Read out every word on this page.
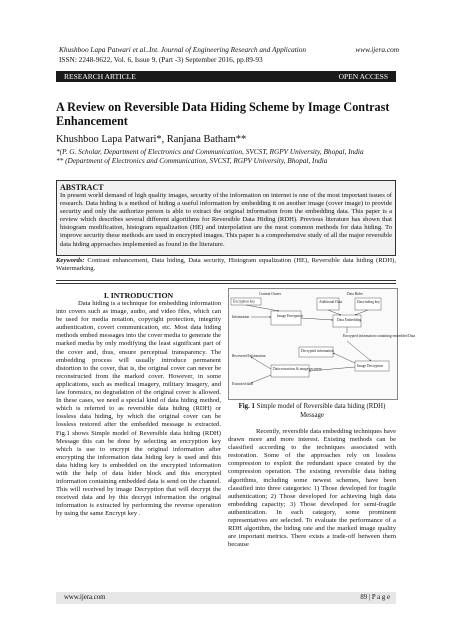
Khushboo Lapa Patwari et al..Int. Journal of Engineering Research and Application	www.ijera.com
ISSN: 2248-9622, Vol. 6, Issue 9, (Part -3) September 2016, pp.89-93
RESEARCH ARTICLE	OPEN ACCESS
A Review on Reversible Data Hiding Scheme by Image Contrast Enhancement
Khushboo Lapa Patwari*, Ranjana Batham**
*(P. G. Scholar, Department of Electronics and Communication, SVCST, RGPV University, Bhopal, India
** (Department of Electronics and Communication, SVCST, RGPV University, Bhopal, India
ABSTRACT
In present world demand of high quality images, security of the information on internet is one of the most important issues of research. Data hiding is a method of hiding a useful information by embedding it on another image (cover image) to provide security and only the authorize person is able to extract the original information from the embedding data. This paper is a review which describes several different algorithms for Reversible Data Hiding (RDH). Previous literature has shown that histogram modification, histogram equalization (HE) and interpolation are the most common methods for data hiding. To improve security these methods are used in encrypted images. This paper is a comprehensive study of all the major reversible data hiding approaches implemented as found in the literature.
Keywords: Contrast enhancement, Data hiding, Data security, Histogram equalization (HE), Reversible data hiding (RDH), Watermarking.
I. INTRODUCTION

Data hiding is a technique for embedding information into covers such as image, audio, and video files, which can be used for media notation, copyright protection, integrity authentication, covert communication, etc. Most data hiding methods embed messages into the cover media to generate the marked media by only modifying the least significant part of the cover and, thus, ensure perceptual transparency. The embedding process will usually introduce permanent distortion to the cover, that is, the original cover can never be reconstructed from the marked cover. However, in some applications, such as medical imagery, military imagery, and law forensics, no degradation of the original cover is allowed. In these cases, we need a special kind of data hiding method, which is referred to as reversible data hiding (RDH) or lossless data hiding, by which the original cover can be lossless restored after the embedded message is extracted. Fig.1 shows Simple model of Reversible data hiding (RDH) Message this can be done by selecting an encryption key which is use to encrypt the original information after encrypting the information data hiding key is used and this data hiding key is embedded on the encrypted information with the help of data hider block and this encrypted information containing embedded data is send on the channel. This will received by image Decryption that will decrypt the received data and by this decrypt information the original information is extracted by performing the reverse operation by using the same Encrypt key .

Content Owner	Data Hider
Encryption key
Information	Image Encryption
Additional Data	Data hiding key
Data Embedding
Encrypted information containing embedded Data
Recovered Information
Decrypted information
Data extraction & image recovery
Image Decryption
Extracted data
Fig. 1 Simple model of Reversible data hiding (RDH) Message

Recently, reversible data embedding techniques have drawn more and more interest. Existing methods can be classified according to the techniques associated with restoration. Some of the approaches rely on lossless compression to exploit the redundant space created by the compression operation. The existing reversible data hiding algorithms, including some newest schemes, have been classified into three categories: 1) Those developed for fragile authentication; 2) Those developed for achieving high data embedding capacity; 3) Those developed for semi-fragile authentication. In each category, some prominent representatives are selected. To evaluate the performance of a RDH algorithm, the hiding rate and the marked image quality are important metrics. There exists a trade-off between them because

www.ijera.com	89 | P a g e
